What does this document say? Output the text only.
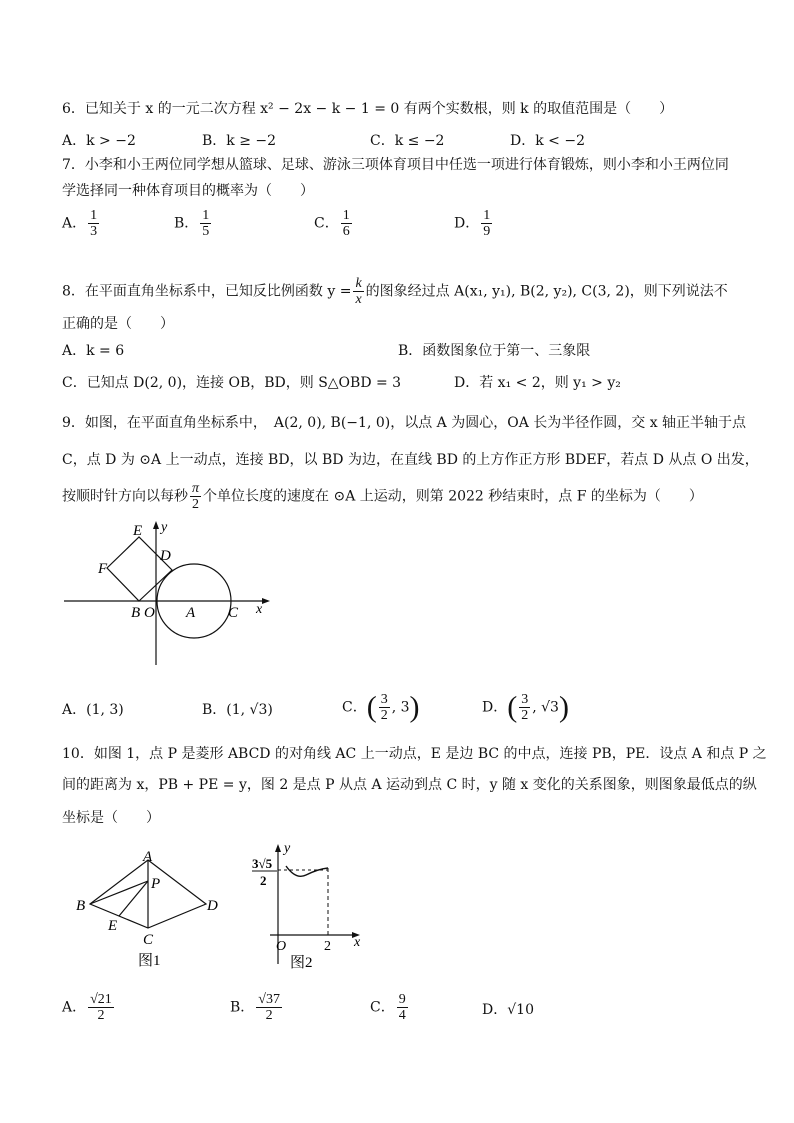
6．已知关于 x 的一元二次方程 x² − 2x − k − 1 = 0 有两个实数根，则 k 的取值范围是（　　）
A．k > −2	B．k ≥ −2	C．k ≤ −2	D．k < −2
7．小李和小王两位同学想从篮球、足球、游泳三项体育项目中任选一项进行体育锻炼，则小李和小王两位同
学选择同一种体育项目的概率为（　　）
A． $\frac{1}{3}$	B． $\frac{1}{5}$	C． $\frac{1}{6}$	D． $\frac{1}{9}$
8．在平面直角坐标系中，已知反比例函数 $y = \frac{k}{x}$ 的图象经过点 A(x₁, y₁), B(2, y₂), C(3, 2)，则下列说法不
正确的是（　　）
A．k = 6	B．函数图象位于第一、三象限
C．已知点 D(2, 0)，连接 OB，BD，则 S△OBD = 3	D．若 x₁ < 2，则 y₁ > y₂
9．如图，在平面直角坐标系中，　A(2, 0), B(−1, 0)，以点 A 为圆心，OA 长为半径作圆，交 x 轴正半轴于点
C，点 D 为 ⊙A 上一动点，连接 BD，以 BD 为边，在直线 BD 的上方作正方形 BDEF，若点 D 从点 O 出发，
按顺时针方向以每秒 $\frac{\pi}{2}$ 个单位长度的速度在 ⊙A 上运动，则第 2022 秒结束时，点 F 的坐标为（　　）
E y
D
F
B O A C x
A．(1, 3)	B．(1, √3)	C．( $\frac{3}{2}$ , 3)	D．( $\frac{3}{2}$ , √3)
10．如图 1，点 P 是菱形 ABCD 的对角线 AC 上一动点，E 是边 BC 的中点，连接 PB，PE．设点 A 和点 P 之
间的距离为 x，PB + PE = y，图 2 是点 P 从点 A 运动到点 C 时，y 随 x 变化的关系图象，则图象最低点的纵
坐标是（　　）
A
B
P
D
E
C
图1
y
3√5
2
O	2 x
图2
A． $\frac{√21}{2}$	B． $\frac{√37}{2}$	C． $\frac{9}{4}$	D．√10
